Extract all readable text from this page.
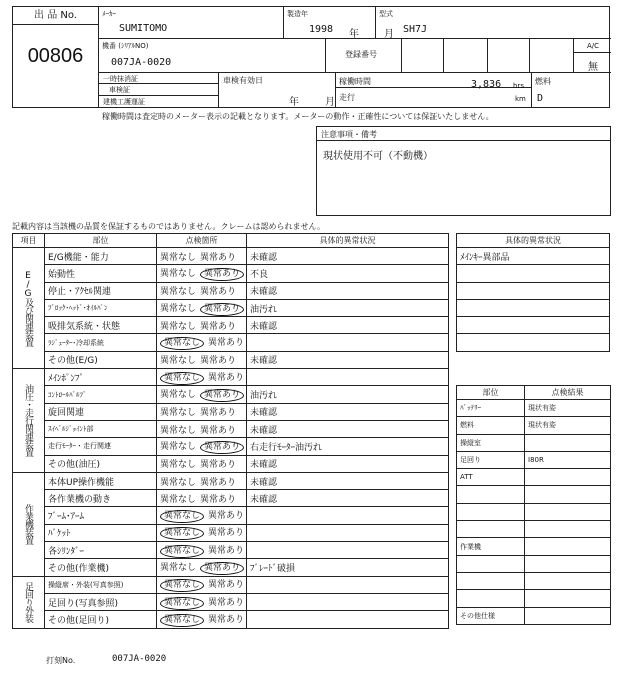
出 品 No.
00806
ﾒｰｶｰ
SUMITOMO
製造年
1998 年	月
型式
SH7J
機番 (ｼﾘｱﾙNO)
007JA-0020
登録番号
A/C
無
一時抹消証
車検証
建機工護運証
車検有効日
年	月
稼働時間	3,836 hrs
走行	km
燃料
D
稼働時間は査定時のメーター表示の記載となります。メーターの動作・正確性については保証いたしません。
注意事項・備考
現状使用不可（不動機）
記載内容は当該機の品質を保証するものではありません。クレームは認められません。
項目	部位	点検箇所	具体的異常状況

E/G及び関連装置	E/G機能・能力	異常なし 異常あり	未確認
	始動性	異常なし 異常あり	不良
	停止・ｱｸｾﾙ関連	異常なし 異常あり	未確認
	ﾌﾞﾛｯｸ･ﾍｯﾄﾞ･ｵｲﾙﾊﾟﾝ	異常なし 異常あり	油汚れ
	吸排気系統・状態	異常なし 異常あり	未確認
	ﾗｼﾞｪｰﾀｰ･冷却系統	異常なし 異常あり	
	その他(E/G)	異常なし 異常あり	未確認

油圧・走行関連装置	ﾒｲﾝﾎﾟﾝﾌﾟ	異常なし 異常あり	
	ｺﾝﾄﾛｰﾙﾊﾞﾙﾌﾞ	異常なし 異常あり	油汚れ
	旋回関連	異常なし 異常あり	未確認
	ｽｲﾍﾞﾙｼﾞｮｲﾝﾄ部	異常なし 異常あり	未確認
	走行ﾓｰﾀｰ・走行関連	異常なし 異常あり	右走行ﾓｰﾀｰ油汚れ
	その他(油圧)	異常なし 異常あり	未確認

作業機装置	本体UP操作機能	異常なし 異常あり	未確認
	各作業機の動き	異常なし 異常あり	未確認
	ﾌﾞｰﾑ･ｱｰﾑ	異常なし 異常あり	
	ﾊﾞｹｯﾄ	異常なし 異常あり	
	各ｼﾘﾝﾀﾞｰ	異常なし 異常あり	
	その他(作業機)	異常なし 異常あり	ﾌﾞﾚｰﾄﾞ破損

足回り外装	操縦席・外装(写真参照)	異常なし 異常あり	
	足回り(写真参照)	異常なし 異常あり	
	その他(足回り)	異常なし 異常あり	
具体的異常状況
ﾒｲﾝｷｰ異部品

部位	点検結果
ﾊﾞｯﾃﾘｰ	現状有姿
燃料	現状有姿
操縦室	
足回り	I80R
ATT	

作業機	

その他仕様	
打刻No.	007JA-0020
